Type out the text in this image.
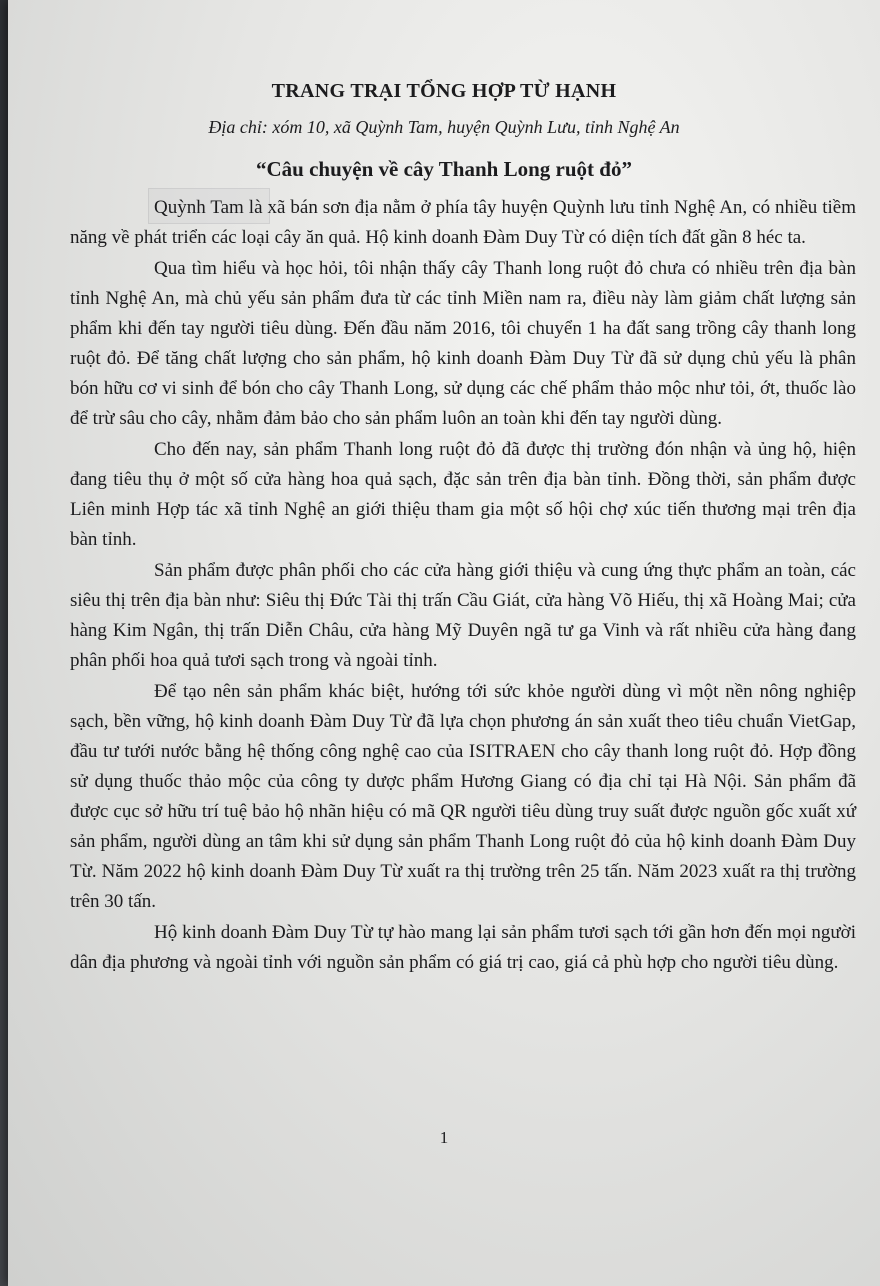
TRANG TRẠI TỔNG HỢP TỪ HẠNH
Địa chỉ: xóm 10, xã Quỳnh Tam, huyện Quỳnh Lưu, tỉnh Nghệ An
“Câu chuyện về cây Thanh Long ruột đỏ”

Quỳnh Tam là xã bán sơn địa nằm ở phía tây huyện Quỳnh lưu tỉnh Nghệ An, có nhiều tiềm năng về phát triển các loại cây ăn quả. Hộ kinh doanh Đàm Duy Từ có diện tích đất gần 8 héc ta.

Qua tìm hiểu và học hỏi, tôi nhận thấy cây Thanh long ruột đỏ chưa có nhiều trên địa bàn tỉnh Nghệ An, mà chủ yếu sản phẩm đưa từ các tỉnh Miền nam ra, điều này làm giảm chất lượng sản phẩm khi đến tay người tiêu dùng. Đến đầu năm 2016, tôi chuyển 1 ha đất sang trồng cây thanh long ruột đỏ. Để tăng chất lượng cho sản phẩm, hộ kinh doanh Đàm Duy Từ đã sử dụng chủ yếu là phân bón hữu cơ vi sinh để bón cho cây Thanh Long, sử dụng các chế phẩm thảo mộc như tỏi, ớt, thuốc lào để trừ sâu cho cây, nhằm đảm bảo cho sản phẩm luôn an toàn khi đến tay người dùng.

Cho đến nay, sản phẩm Thanh long ruột đỏ đã được thị trường đón nhận và ủng hộ, hiện đang tiêu thụ ở một số cửa hàng hoa quả sạch, đặc sản trên địa bàn tỉnh. Đồng thời, sản phẩm được Liên minh Hợp tác xã tỉnh Nghệ an giới thiệu tham gia một số hội chợ xúc tiến thương mại trên địa bàn tỉnh.

Sản phẩm được phân phối cho các cửa hàng giới thiệu và cung ứng thực phẩm an toàn, các siêu thị trên địa bàn như: Siêu thị Đức Tài thị trấn Cầu Giát, cửa hàng Võ Hiếu, thị xã Hoàng Mai; cửa hàng Kim Ngân, thị trấn Diễn Châu, cửa hàng Mỹ Duyên ngã tư ga Vinh và rất nhiều cửa hàng đang phân phối hoa quả tươi sạch trong và ngoài tỉnh.

Để tạo nên sản phẩm khác biệt, hướng tới sức khỏe người dùng vì một nền nông nghiệp sạch, bền vững, hộ kinh doanh Đàm Duy Từ đã lựa chọn phương án sản xuất theo tiêu chuẩn VietGap, đầu tư tưới nước bằng hệ thống công nghệ cao của ISITRAEN cho cây thanh long ruột đỏ. Hợp đồng sử dụng thuốc thảo mộc của công ty dược phẩm Hương Giang có địa chỉ tại Hà Nội. Sản phẩm đã được cục sở hữu trí tuệ bảo hộ nhãn hiệu có mã QR người tiêu dùng truy suất được nguồn gốc xuất xứ sản phẩm, người dùng an tâm khi sử dụng sản phẩm Thanh Long ruột đỏ của hộ kinh doanh Đàm Duy Từ. Năm 2022 hộ kinh doanh Đàm Duy Từ xuất ra thị trường trên 25 tấn. Năm 2023 xuất ra thị trường trên 30 tấn.

Hộ kinh doanh Đàm Duy Từ tự hào mang lại sản phẩm tươi sạch tới gần hơn đến mọi người dân địa phương và ngoài tỉnh với nguồn sản phẩm có giá trị cao, giá cả phù hợp cho người tiêu dùng.

1
